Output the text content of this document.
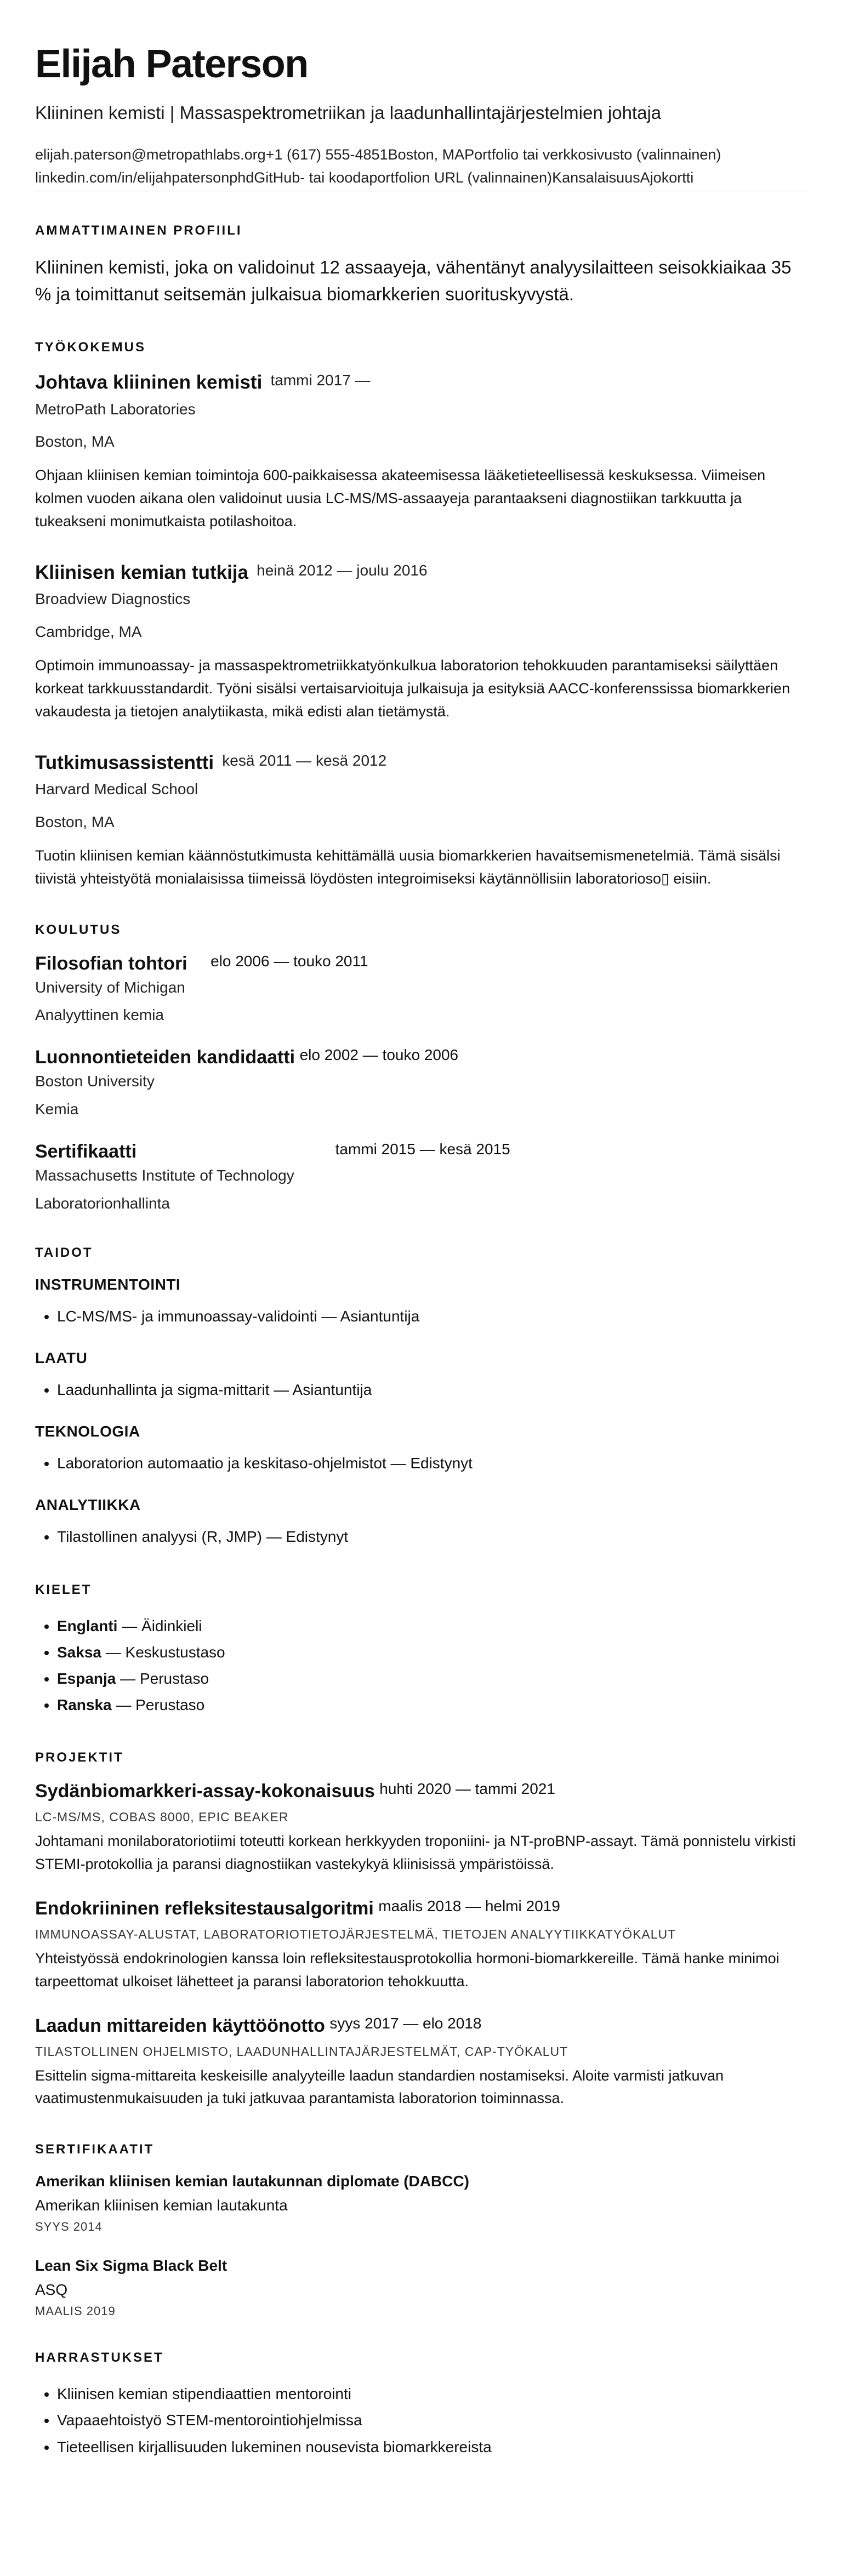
Elijah Paterson

Kliininen kemisti | Massaspektrometriikan ja laadunhallintajärjestelmien johtaja

elijah.paterson@metropathlabs.org+1 (617) 555-4851Boston, MAPortfolio tai verkkosivusto (valinnainen)

linkedin.com/in/elijahpatersonphdGitHub- tai koodaportfolion URL (valinnainen)KansalaisuusAjokortti

AMMATTIMAINEN PROFIILI

Kliininen kemisti, joka on validoinut 12 assaayeja, vähentänyt analyysilaitteen seisokkiaikaa 35 % ja toimittanut seitsemän julkaisua biomarkkerien suorituskyvystä.

TYÖKOKEMUS
Johtava kliininen kemisti tammi 2017 —

MetroPath Laboratories

Boston, MA

Ohjaan kliinisen kemian toimintoja 600-paikkaisessa akateemisessa lääketieteellisessä keskuksessa. Viimeisen kolmen vuoden aikana olen validoinut uusia LC-MS/MS-assaayeja parantaakseni diagnostiikan tarkkuutta ja tukeakseni monimutkaista potilashoitoa.

Kliinisen kemian tutkija heinä 2012 — joulu 2016

Broadview Diagnostics

Cambridge, MA

Optimoin immunoassay- ja massaspektrometriikkatyönkulkua laboratorion tehokkuuden parantamiseksi säilyttäen korkeat tarkkuusstandardit. Työni sisälsi vertaisarvioituja julkaisuja ja esityksiä AACC-konferenssissa biomarkkerien vakaudesta ja tietojen analytiikasta, mikä edisti alan tietämystä.

Tutkimusassistentti kesä 2011 — kesä 2012

Harvard Medical School

Boston, MA

Tuotin kliinisen kemian käännöstutkimusta kehittämällä uusia biomarkkerien havaitsemismenetelmiä. Tämä sisälsi tiivistä yhteistyötä monialaisissa tiimeissä löydösten integroimiseksi käytännöllisiin laboratorioso▯ eisiin.

KOULUTUS
Filosofian tohtori elo 2006 — touko 2011

University of Michigan

Analyyttinen kemia

Luonnontieteiden kandidaatti elo 2002 — touko 2006

Boston University

Kemia

Sertifikaatti	tammi 2015 — kesä 2015

Massachusetts Institute of Technology

Laboratorionhallinta

TAIDOT

INSTRUMENTOINTI

• LC-MS/MS- ja immunoassay-validointi — Asiantuntija

LAATU

• Laadunhallinta ja sigma-mittarit — Asiantuntija

TEKNOLOGIA

• Laboratorion automaatio ja keskitaso-ohjelmistot — Edistynyt

ANALYTIIKKA

• Tilastollinen analyysi (R, JMP) — Edistynyt
KIELET
• Englanti — Äidinkieli
• Saksa — Keskustustaso
• Espanja — Perustaso
• Ranska — Perustaso
PROJEKTIT
Sydänbiomarkkeri-assay-kokonaisuus huhti 2020 — tammi 2021

LC-MS/MS, COBAS 8000, EPIC BEAKER

Johtamani monilaboratoriotiimi toteutti korkean herkkyyden troponiini- ja NT-proBNP-assayt. Tämä ponnistelu virkisti STEMI-protokollia ja paransi diagnostiikan vastekykyä kliinisissä ympäristöissä.

Endokriininen refleksitestausalgoritmi maalis 2018 — helmi 2019

IMMUNOASSAY-ALUSTAT, LABORATORIOTIETOJÄRJESTELMÄ, TIETOJEN ANALYYTIIKKATYÖKALUT

Yhteistyössä endokrinologien kanssa loin refleksitestausprotokollia hormoni-biomarkkereille. Tämä hanke minimoi tarpeettomat ulkoiset lähetteet ja paransi laboratorion tehokkuutta.

Laadun mittareiden käyttöönotto syys 2017 — elo 2018

TILASTOLLINEN OHJELMISTO, LAADUNHALLINTAJÄRJESTELMÄT, CAP-TYÖKALUT

Esittelin sigma-mittareita keskeisille analyyteille laadun standardien nostamiseksi. Aloite varmisti jatkuvan vaatimustenmukaisuuden ja tuki jatkuvaa parantamista laboratorion toiminnassa.

SERTIFIKAATIT

Amerikan kliinisen kemian lautakunnan diplomate (DABCC)

Amerikan kliinisen kemian lautakunta

SYYS 2014

Lean Six Sigma Black Belt

ASQ

MAALIS 2019

HARRASTUKSET
• Kliinisen kemian stipendiaattien mentorointi
• Vapaaehtoistyö STEM-mentorointiohjelmissa
• Tieteellisen kirjallisuuden lukeminen nousevista biomarkkereista
